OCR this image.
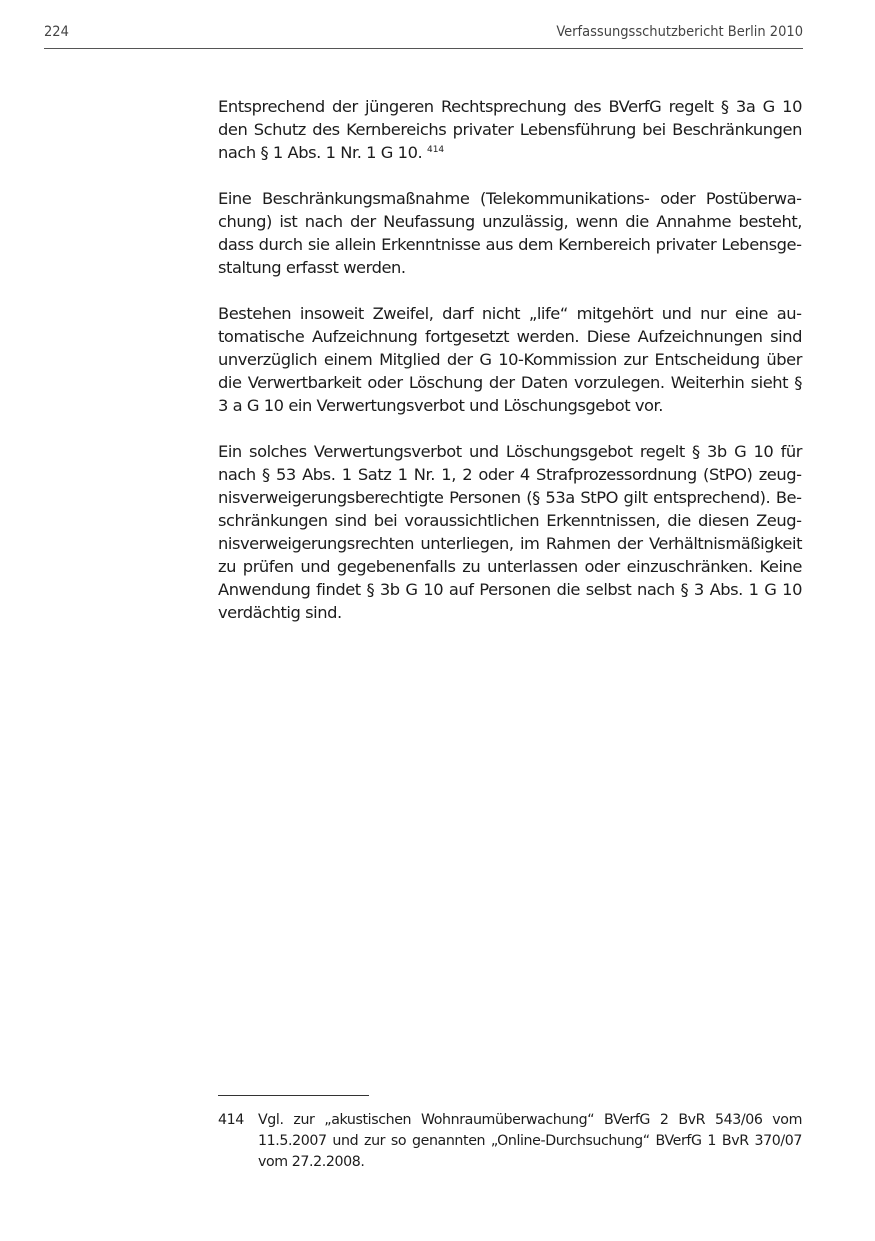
224	Verfassungsschutzbericht Berlin 2010

Entsprechend der jüngeren Rechtsprechung des BVerfG regelt § 3a G 10 den Schutz des Kernbereichs privater Lebensführung bei Beschränkungen nach § 1 Abs. 1 Nr. 1 G 10. $^{414}$

Eine Beschränkungsmaßnahme (Telekommunikations- oder Postüberwachung) ist nach der Neufassung unzulässig, wenn die Annahme besteht, dass durch sie allein Erkenntnisse aus dem Kernbereich privater Lebensgestaltung erfasst werden.

Bestehen insoweit Zweifel, darf nicht „life“ mitgehört und nur eine automatische Aufzeichnung fortgesetzt werden. Diese Aufzeichnungen sind unverzüglich einem Mitglied der G 10-Kommission zur Entscheidung über die Verwertbarkeit oder Löschung der Daten vorzulegen. Weiterhin sieht § 3 a G 10 ein Verwertungsverbot und Löschungsgebot vor.

Ein solches Verwertungsverbot und Löschungsgebot regelt § 3b G 10 für nach § 53 Abs. 1 Satz 1 Nr. 1, 2 oder 4 Strafprozessordnung (StPO) zeugnisverweigerungsberechtigte Personen (§ 53a StPO gilt entsprechend). Beschränkungen sind bei voraussichtlichen Erkenntnissen, die diesen Zeugnisverweigerungsrechten unterliegen, im Rahmen der Verhältnismäßigkeit zu prüfen und gegebenenfalls zu unterlassen oder einzuschränken. Keine Anwendung findet § 3b G 10 auf Personen die selbst nach § 3 Abs. 1 G 10 verdächtig sind.

414 Vgl. zur „akustischen Wohnraumüberwachung“ BVerfG 2 BvR 543/06 vom 11.5.2007 und zur so genannten „Online-Durchsuchung“ BVerfG 1 BvR 370/07 vom 27.2.2008.
